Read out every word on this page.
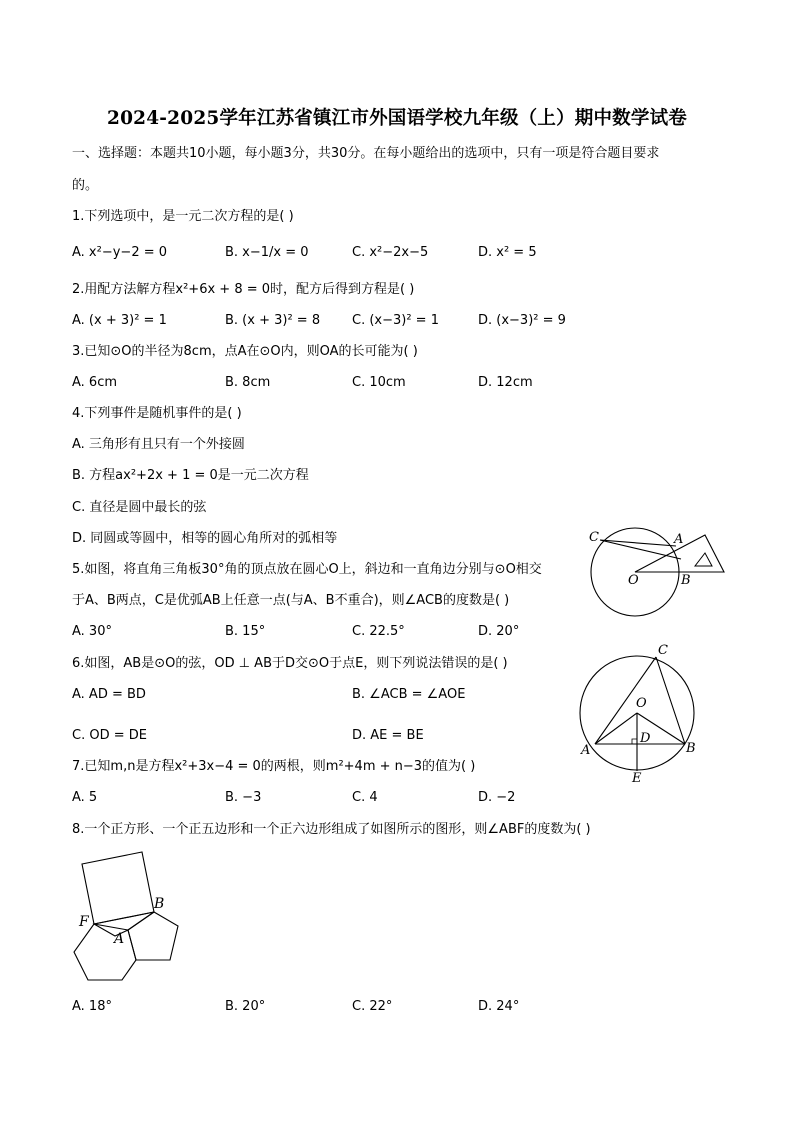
2024-2025学年江苏省镇江市外国语学校九年级（上）期中数学试卷
一、选择题：本题共10小题，每小题3分，共30分。在每小题给出的选项中，只有一项是符合题目要求
的。
1.下列选项中，是一元二次方程的是( )
A. x²−y−2 = 0	B. x−1/x = 0	C. x²−2x−5	D. x² = 5
2.用配方法解方程x²+6x + 8 = 0时，配方后得到方程是( )
A. (x + 3)² = 1	B. (x + 3)² = 8 C. (x−3)² = 1	D. (x−3)² = 9
3.已知⊙O的半径为8cm，点A在⊙O内，则OA的长可能为( )
A. 6cm	B. 8cm	C. 10cm	D. 12cm
4.下列事件是随机事件的是( )
A. 三角形有且只有一个外接圆
B. 方程ax²+2x + 1 = 0是一元二次方程
C. 直径是圆中最长的弦
D. 同圆或等圆中，相等的圆心角所对的弧相等
5.如图，将直角三角板30°角的顶点放在圆心O上，斜边和一直角边分别与⊙O相交
于A、B两点，C是优弧AB上任意一点(与A、B不重合)，则∠ACB的度数是( )
A. 30°	B. 15°	C. 22.5°	D. 20°
C	A
O	B
6.如图，AB是⊙O的弦，OD ⊥ AB于D交⊙O于点E，则下列说法错误的是( )
A. AD = BD	B. ∠ACB = ∠AOE
C. OD = DE	D. AE = BE
C
O
D
A	B
E
7.已知m,n是方程x²+3x−4 = 0的两根，则m²+4m + n−3的值为( )
A. 5	B. −3	C. 4	D. −2
8.一个正方形、一个正五边形和一个正六边形组成了如图所示的图形，则∠ABF的度数为( )
F
B
A
A. 18°	B. 20°	C. 22°	D. 24°
